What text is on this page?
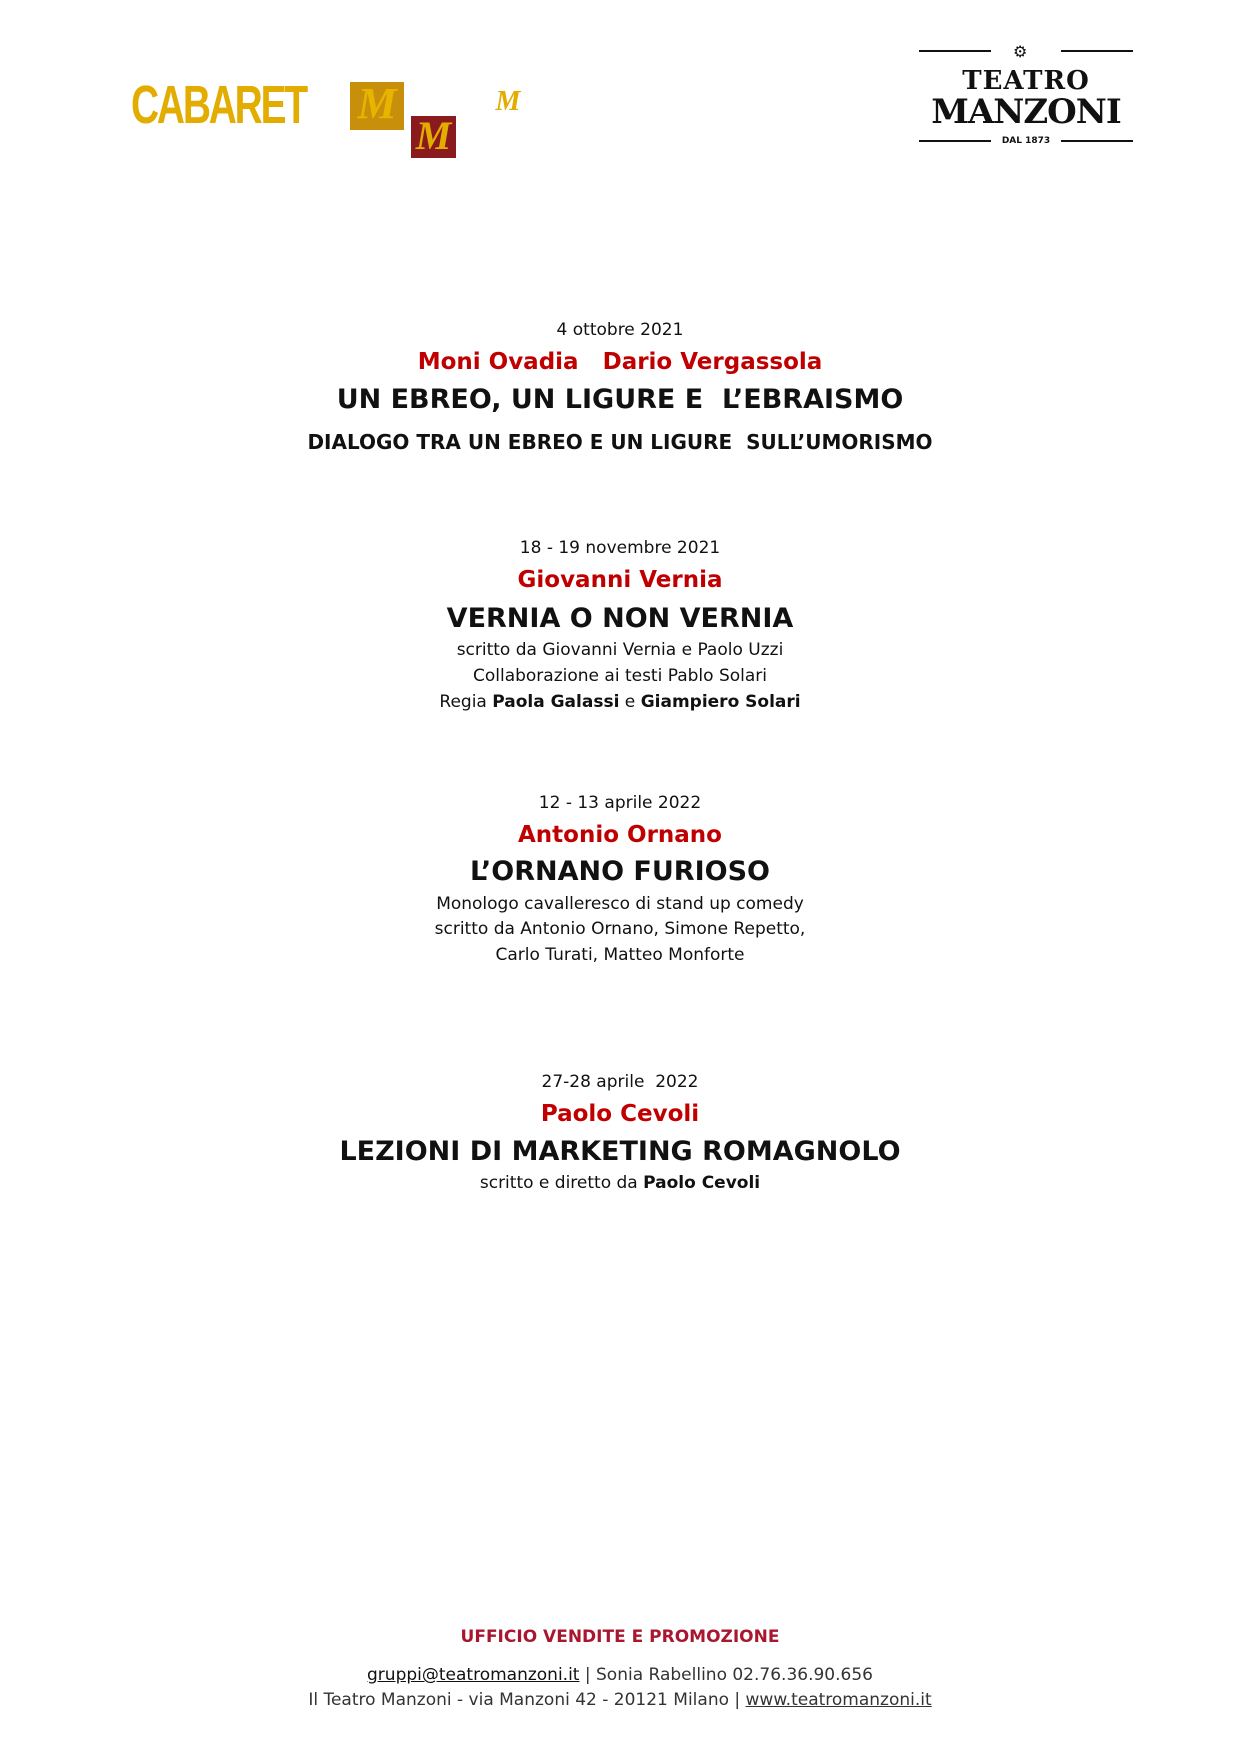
CABARET M
M
M
⚙
TEATRO
MANZONI
DAL 1873
4 ottobre 2021
Moni Ovadia   Dario Vergassola
UN EBREO, UN LIGURE E  L’EBRAISMO
DIALOGO TRA UN EBREO E UN LIGURE  SULL’UMORISMO
18 - 19 novembre 2021
Giovanni Vernia
VERNIA O NON VERNIA
scritto da Giovanni Vernia e Paolo Uzzi
Collaborazione ai testi Pablo Solari
Regia Paola Galassi e Giampiero Solari
12 - 13 aprile 2022
Antonio Ornano
L’ORNANO FURIOSO
Monologo cavalleresco di stand up comedy
scritto da Antonio Ornano, Simone Repetto,
Carlo Turati, Matteo Monforte
27-28 aprile  2022
Paolo Cevoli
LEZIONI DI MARKETING ROMAGNOLO
scritto e diretto da Paolo Cevoli
UFFICIO VENDITE E PROMOZIONE
gruppi@teatromanzoni.it | Sonia Rabellino 02.76.36.90.656
Il Teatro Manzoni - via Manzoni 42 - 20121 Milano | www.teatromanzoni.it
